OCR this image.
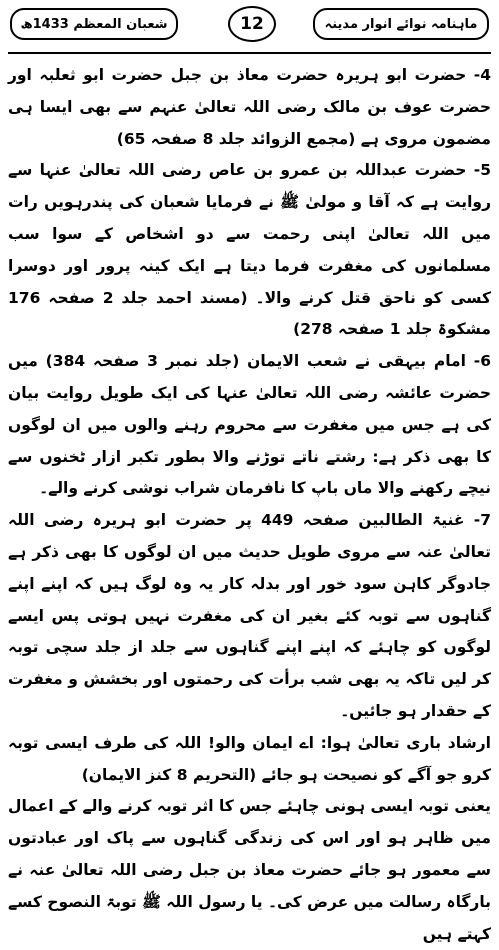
شعبان المعظم 1433ھ	12	ماہنامہ نوائے انوار مدینہ

4- حضرت ابو ہریرہ حضرت معاذ بن جبل حضرت ابو ثعلبہ اور حضرت عوف بن مالک رضی اللہ تعالیٰ عنہم سے بھی ایسا ہی مضمون مروی ہے (مجمع الزوائد جلد 8 صفحہ 65)

5- حضرت عبداللہ بن عمرو بن عاص رضی اللہ تعالیٰ عنہا سے روایت ہے کہ آقا و مولیٰ ﷺ نے فرمایا شعبان کی پندرہویں رات میں اللہ تعالیٰ اپنی رحمت سے دو اشخاص کے سوا سب مسلمانوں کی مغفرت فرما دیتا ہے ایک کینہ پرور اور دوسرا کسی کو ناحق قتل کرنے والا۔ (مسند احمد جلد 2 صفحہ 176 مشکوۃ جلد 1 صفحہ 278)

6- امام بیہقی نے شعب الایمان (جلد نمبر 3 صفحہ 384) میں حضرت عائشہ رضی اللہ تعالیٰ عنہا کی ایک طویل روایت بیان کی ہے جس میں مغفرت سے محروم رہنے والوں میں ان لوگوں کا بھی ذکر ہے: رشتے ناتے توڑنے والا بطور تکبر ازار ٹخنوں سے نیچے رکھنے والا ماں باپ کا نافرمان شراب نوشی کرنے والے۔

7- غنیۃ الطالبین صفحہ 449 پر حضرت ابو ہریرہ رضی اللہ تعالیٰ عنہ سے مروی طویل حدیث میں ان لوگوں کا بھی ذکر ہے جادوگر کاہن سود خور اور بدلہ کار یہ وہ لوگ ہیں کہ اپنے اپنے گناہوں سے توبہ کئے بغیر ان کی مغفرت نہیں ہوتی پس ایسے لوگوں کو چاہئے کہ اپنے اپنے گناہوں سے جلد از جلد سچی توبہ کر لیں تاکہ یہ بھی شب برأت کی رحمتوں اور بخشش و مغفرت کے حقدار ہو جائیں۔

ارشاد باری تعالیٰ ہوا: اے ایمان والو! اللہ کی طرف ایسی توبہ کرو جو آگے کو نصیحت ہو جائے (التحریم 8 کنز الایمان)

یعنی توبہ ایسی ہونی چاہئے جس کا اثر توبہ کرنے والے کے اعمال میں ظاہر ہو اور اس کی زندگی گناہوں سے پاک اور عبادتوں سے معمور ہو جائے حضرت معاذ بن جبل رضی اللہ تعالیٰ عنہ نے بارگاہ رسالت میں عرض کی۔ یا رسول اللہ ﷺ توبۃ النصوح کسے کہتے ہیں
